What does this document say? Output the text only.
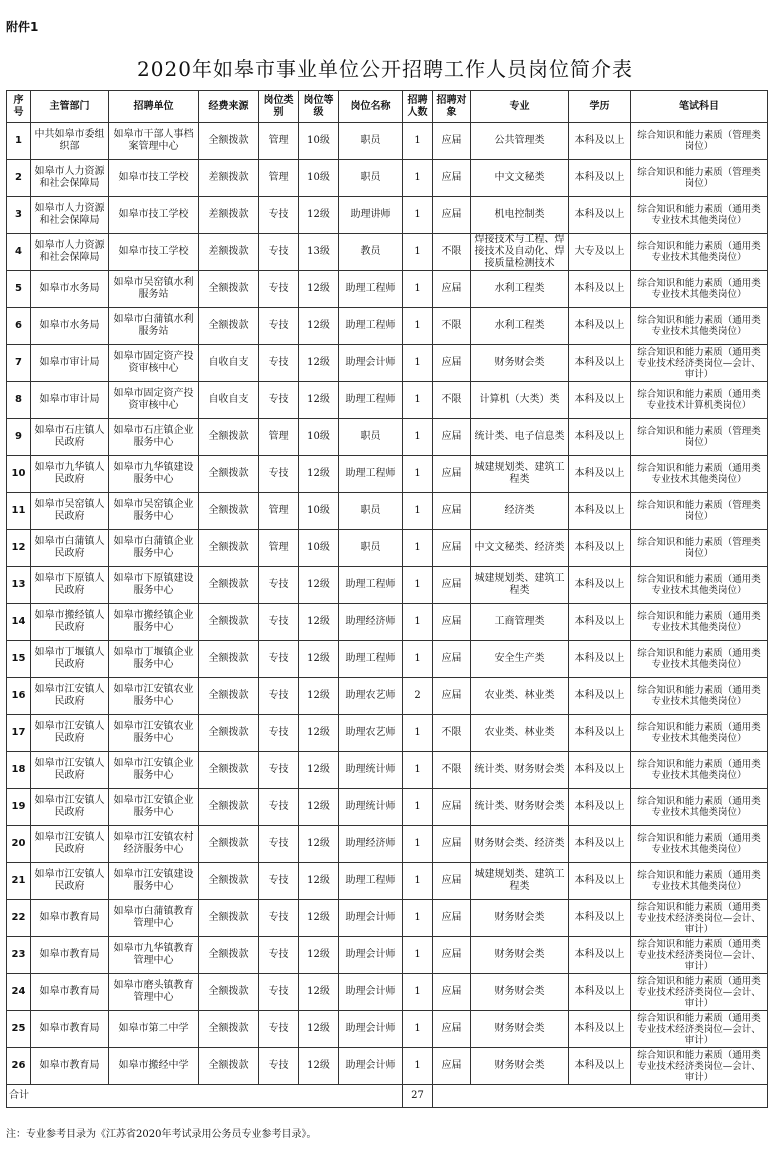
附件1
2020年如皋市事业单位公开招聘工作人员岗位简介表
序号	主管部门	招聘单位	经费来源	岗位类别	岗位等级	岗位名称	招聘人数	招聘对象	专业	学历	笔试科目
1	中共如皋市委组织部	如皋市干部人事档案管理中心	全额拨款	管理	10级	职员	1	应届	公共管理类	本科及以上	综合知识和能力素质（管理类岗位）
2	如皋市人力资源和社会保障局	如皋市技工学校	差额拨款	管理	10级	职员	1	应届	中文文秘类	本科及以上	综合知识和能力素质（管理类岗位）
3	如皋市人力资源和社会保障局	如皋市技工学校	差额拨款	专技	12级	助理讲师	1	应届	机电控制类	本科及以上	综合知识和能力素质（通用类专业技术其他类岗位）
4	如皋市人力资源和社会保障局	如皋市技工学校	差额拨款	专技	13级	教员	1	不限	焊接技术与工程、焊接技术及自动化、焊接质量检测技术	大专及以上	综合知识和能力素质（通用类专业技术其他类岗位）
5	如皋市水务局	如皋市吴窑镇水利服务站	全额拨款	专技	12级	助理工程师	1	应届	水利工程类	本科及以上	综合知识和能力素质（通用类专业技术其他类岗位）
6	如皋市水务局	如皋市白蒲镇水利服务站	全额拨款	专技	12级	助理工程师	1	不限	水利工程类	本科及以上	综合知识和能力素质（通用类专业技术其他类岗位）
7	如皋市审计局	如皋市固定资产投资审核中心	自收自支	专技	12级	助理会计师	1	应届	财务财会类	本科及以上	综合知识和能力素质（通用类专业技术经济类岗位—会计、审计）
8	如皋市审计局	如皋市固定资产投资审核中心	自收自支	专技	12级	助理工程师	1	不限	计算机（大类）类	本科及以上	综合知识和能力素质（通用类专业技术计算机类岗位）
9	如皋市石庄镇人民政府	如皋市石庄镇企业服务中心	全额拨款	管理	10级	职员	1	应届	统计类、电子信息类	本科及以上	综合知识和能力素质（管理类岗位）
10	如皋市九华镇人民政府	如皋市九华镇建设服务中心	全额拨款	专技	12级	助理工程师	1	应届	城建规划类、建筑工程类	本科及以上	综合知识和能力素质（通用类专业技术其他类岗位）
11	如皋市吴窑镇人民政府	如皋市吴窑镇企业服务中心	全额拨款	管理	10级	职员	1	应届	经济类	本科及以上	综合知识和能力素质（管理类岗位）
12	如皋市白蒲镇人民政府	如皋市白蒲镇企业服务中心	全额拨款	管理	10级	职员	1	应届	中文文秘类、经济类	本科及以上	综合知识和能力素质（管理类岗位）
13	如皋市下原镇人民政府	如皋市下原镇建设服务中心	全额拨款	专技	12级	助理工程师	1	应届	城建规划类、建筑工程类	本科及以上	综合知识和能力素质（通用类专业技术其他类岗位）
14	如皋市搬经镇人民政府	如皋市搬经镇企业服务中心	全额拨款	专技	12级	助理经济师	1	应届	工商管理类	本科及以上	综合知识和能力素质（通用类专业技术其他类岗位）
15	如皋市丁堰镇人民政府	如皋市丁堰镇企业服务中心	全额拨款	专技	12级	助理工程师	1	应届	安全生产类	本科及以上	综合知识和能力素质（通用类专业技术其他类岗位）
16	如皋市江安镇人民政府	如皋市江安镇农业服务中心	全额拨款	专技	12级	助理农艺师	2	应届	农业类、林业类	本科及以上	综合知识和能力素质（通用类专业技术其他类岗位）
17	如皋市江安镇人民政府	如皋市江安镇农业服务中心	全额拨款	专技	12级	助理农艺师	1	不限	农业类、林业类	本科及以上	综合知识和能力素质（通用类专业技术其他类岗位）
18	如皋市江安镇人民政府	如皋市江安镇企业服务中心	全额拨款	专技	12级	助理统计师	1	不限	统计类、财务财会类	本科及以上	综合知识和能力素质（通用类专业技术其他类岗位）
19	如皋市江安镇人民政府	如皋市江安镇企业服务中心	全额拨款	专技	12级	助理统计师	1	应届	统计类、财务财会类	本科及以上	综合知识和能力素质（通用类专业技术其他类岗位）
20	如皋市江安镇人民政府	如皋市江安镇农村经济服务中心	全额拨款	专技	12级	助理经济师	1	应届	财务财会类、经济类	本科及以上	综合知识和能力素质（通用类专业技术其他类岗位）
21	如皋市江安镇人民政府	如皋市江安镇建设服务中心	全额拨款	专技	12级	助理工程师	1	应届	城建规划类、建筑工程类	本科及以上	综合知识和能力素质（通用类专业技术其他类岗位）
22	如皋市教育局	如皋市白蒲镇教育管理中心	全额拨款	专技	12级	助理会计师	1	应届	财务财会类	本科及以上	综合知识和能力素质（通用类专业技术经济类岗位—会计、审计）
23	如皋市教育局	如皋市九华镇教育管理中心	全额拨款	专技	12级	助理会计师	1	应届	财务财会类	本科及以上	综合知识和能力素质（通用类专业技术经济类岗位—会计、审计）
24	如皋市教育局	如皋市磨头镇教育管理中心	全额拨款	专技	12级	助理会计师	1	应届	财务财会类	本科及以上	综合知识和能力素质（通用类专业技术经济类岗位—会计、审计）
25	如皋市教育局	如皋市第二中学	全额拨款	专技	12级	助理会计师	1	应届	财务财会类	本科及以上	综合知识和能力素质（通用类专业技术经济类岗位—会计、审计）
26	如皋市教育局	如皋市搬经中学	全额拨款	专技	12级	助理会计师	1	应届	财务财会类	本科及以上	综合知识和能力素质（通用类专业技术经济类岗位—会计、审计）
合计							27				
注：专业参考目录为《江苏省2020年考试录用公务员专业参考目录》。
